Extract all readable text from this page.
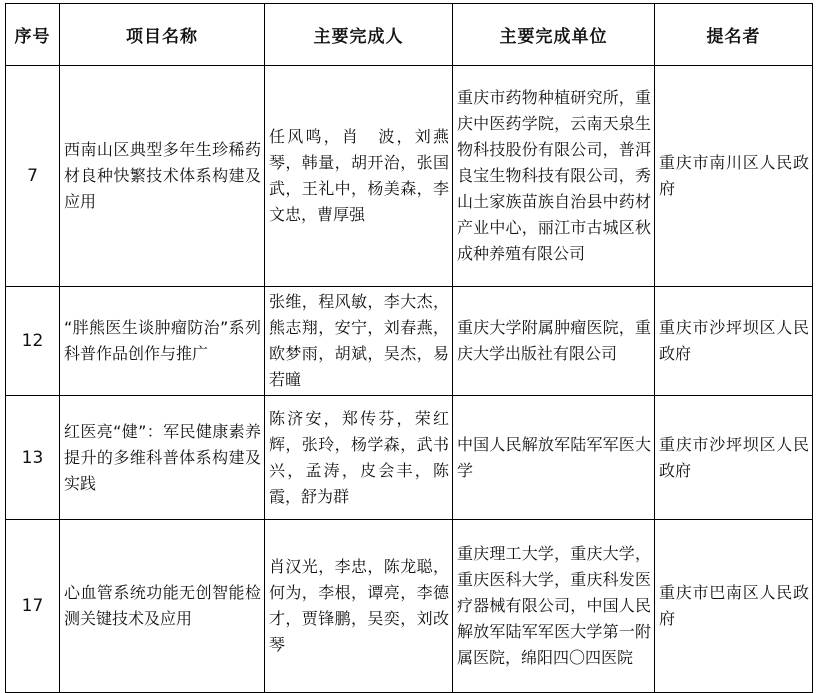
序号	项目名称	主要完成人	主要完成单位	提名者
7	西南山区典型多年生珍稀药材良种快繁技术体系构建及应用	任风鸣，肖　波，刘燕琴，韩量，胡开治，张国武，王礼中，杨美森，李文忠，曹厚强	重庆市药物种植研究所，重庆中医药学院，云南天泉生物科技股份有限公司，普洱良宝生物科技有限公司，秀山土家族苗族自治县中药材产业中心，丽江市古城区秋成种养殖有限公司	重庆市南川区人民政府

12	“胖熊医生谈肿瘤防治”系列科普作品创作与推广	张维，程风敏，李大杰，熊志翔，安宁，刘春燕，欧梦雨，胡斌，吴杰，易若曈	重庆大学附属肿瘤医院，重庆大学出版社有限公司	重庆市沙坪坝区人民政府

13	红医亮“健”：军民健康素养提升的多维科普体系构建及实践	陈济安，郑传芬，荣红辉，张玲，杨学森，武书兴，孟涛，皮会丰，陈霞，舒为群	中国人民解放军陆军军医大学	重庆市沙坪坝区人民政府

17	心血管系统功能无创智能检测关键技术及应用	肖汉光，李忠，陈龙聪，何为，李根，谭亮，李德才，贾锋鹏，吴奕，刘改琴	重庆理工大学，重庆大学，重庆医科大学，重庆科发医疗器械有限公司，中国人民解放军陆军军医大学第一附属医院，绵阳四〇四医院	重庆市巴南区人民政府
